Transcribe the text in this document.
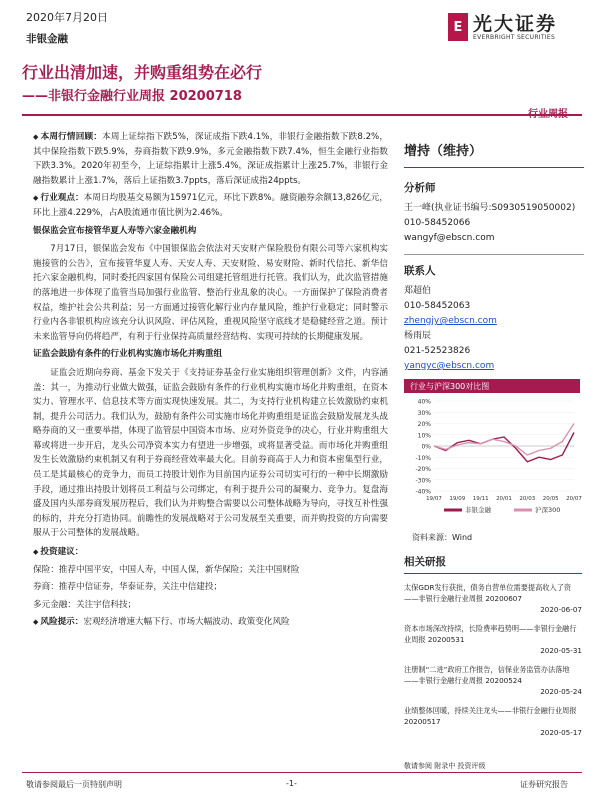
2020年7月20日
非银金融
E 光大证券
EVERBRIGHT SECURITIES
行业出清加速，并购重组势在必行
——非银行金融行业周报 20200718

◆ 本周行情回顾：本周上证综指下跌5%，深证成指下跌4.1%，非银行金融指数下跌8.2%，其中保险指数下跌5.9%，券商指数下跌9.9%，多元金融指数下跌7.4%，恒生金融行业指数下跌3.3%。2020年初至今，上证综指累计上涨5.4%，深证成指累计上涨25.7%，非银行金融指数累计上涨1.7%，落后上证指数3.7ppts，落后深证成指24ppts。

◆ 行业观点：本周日均股基交易额为15971亿元，环比下跌8%。融资融券余额13,826亿元，环比上涨4.229%，占A股流通市值比例为2.46%。

银保监会宣布接管华夏人寿等六家金融机构

7月17日，银保监会发布《中国银保监会依法对天安财产保险股份有限公司等六家机构实施接管的公告》，宣布接管华夏人寿、天安人寿、天安财险、易安财险、新时代信托、新华信托六家金融机构，同时委托四家国有保险公司组建托管组进行托管。我们认为，此次监管措施的落地进一步体现了监管当局加强行业监管、整治行业乱象的决心。一方面保护了保险消费者权益，维护社会公共利益；另一方面通过接管化解行业内存量风险，维护行业稳定；同时警示行业内各非银机构应该充分认识风险、评估风险，重视风险坚守底线才是稳健经营之道。预计未来监管导向仍将趋严，有利于行业保持高质量经营结构、实现可持续的长期健康发展。

证监会鼓励有条件的行业机构实施市场化并购重组

证监会近期向券商、基金下发关于《支持证券基金行业实施组织管理创新》文件，内容涵盖：其一，为推动行业做大做强，证监会鼓励有条件的行业机构实施市场化并购重组，在资本实力、管理水平、信息技术等方面实现快速发展。其二，为支持行业机构建立长效激励约束机制，提升公司活力。我们认为，鼓励有条件公司实施市场化并购重组是证监会鼓励发展龙头战略券商的又一重要举措，体现了监管层中国资本市场、应对外资竞争的决心，行业并购重组大幕或将进一步开启，龙头公司净资本实力有望进一步增强，或将显著受益。而市场化并购重组发生长效激励约束机制又有利于券商经营效率最大化。目前券商高于人力和资本密集型行业，员工是其最核心的竞争力，而员工持股计划作为目前国内证券公司切实可行的一种中长期激励手段，通过推出持股计划将员工利益与公司绑定，有利于提升公司的凝聚力、竞争力。复盘海盛及国内头部券商发展历程后，我们认为并购整合需要以公司整体战略为导向，寻找互补性强的标的，并充分打造协同。前瞻性的发展战略对于公司发展至关重要，而并购投资的方向需要服从于公司整体的发展战略。

◆ 投资建议：

保险：推荐中国平安，中国人寿，中国人保，新华保险；关注中国财险

券商：推荐中信证券，华泰证券，关注中信建投；

多元金融：关注宇信科技；

◆ 风险提示：宏观经济增速大幅下行、市场大幅波动、政策变化风险

增持（维持）
分析师
王一峰(执业证书编号:S0930519050002)
010-58452066
wangyf@ebscn.com
联系人
郑超伯
010-58452063
zhengjy@ebscn.com
杨雨辰
021-52523826
yangyc@ebscn.com
行业与沪深300对比图
40%
30%
20%
10%
0%
-10%
-20%
-30%
-40%
19/07 19/09 19/11 20/01 20/03 20/05 20/07
非银金融	沪深300
资料来源：Wind
相关研报
太保GDR发行获批，债务自营单位需要提高收入了资——非银行金融行业周报 20200607
2020-06-07
资本市场深改持续，长险费率趋势明——非银行金融行业周报 20200531
2020-05-31
注册制“二进”政府工作报告，信保业务监管办法落地——非银行金融行业周报 20200524
2020-05-24
业绩整体回暖，持续关注龙头——非银行金融行业周报 20200517
2020-05-17
敬请参阅 附录中 投资评级
敬请参阅最后一页特别声明	-1-	证券研究报告
